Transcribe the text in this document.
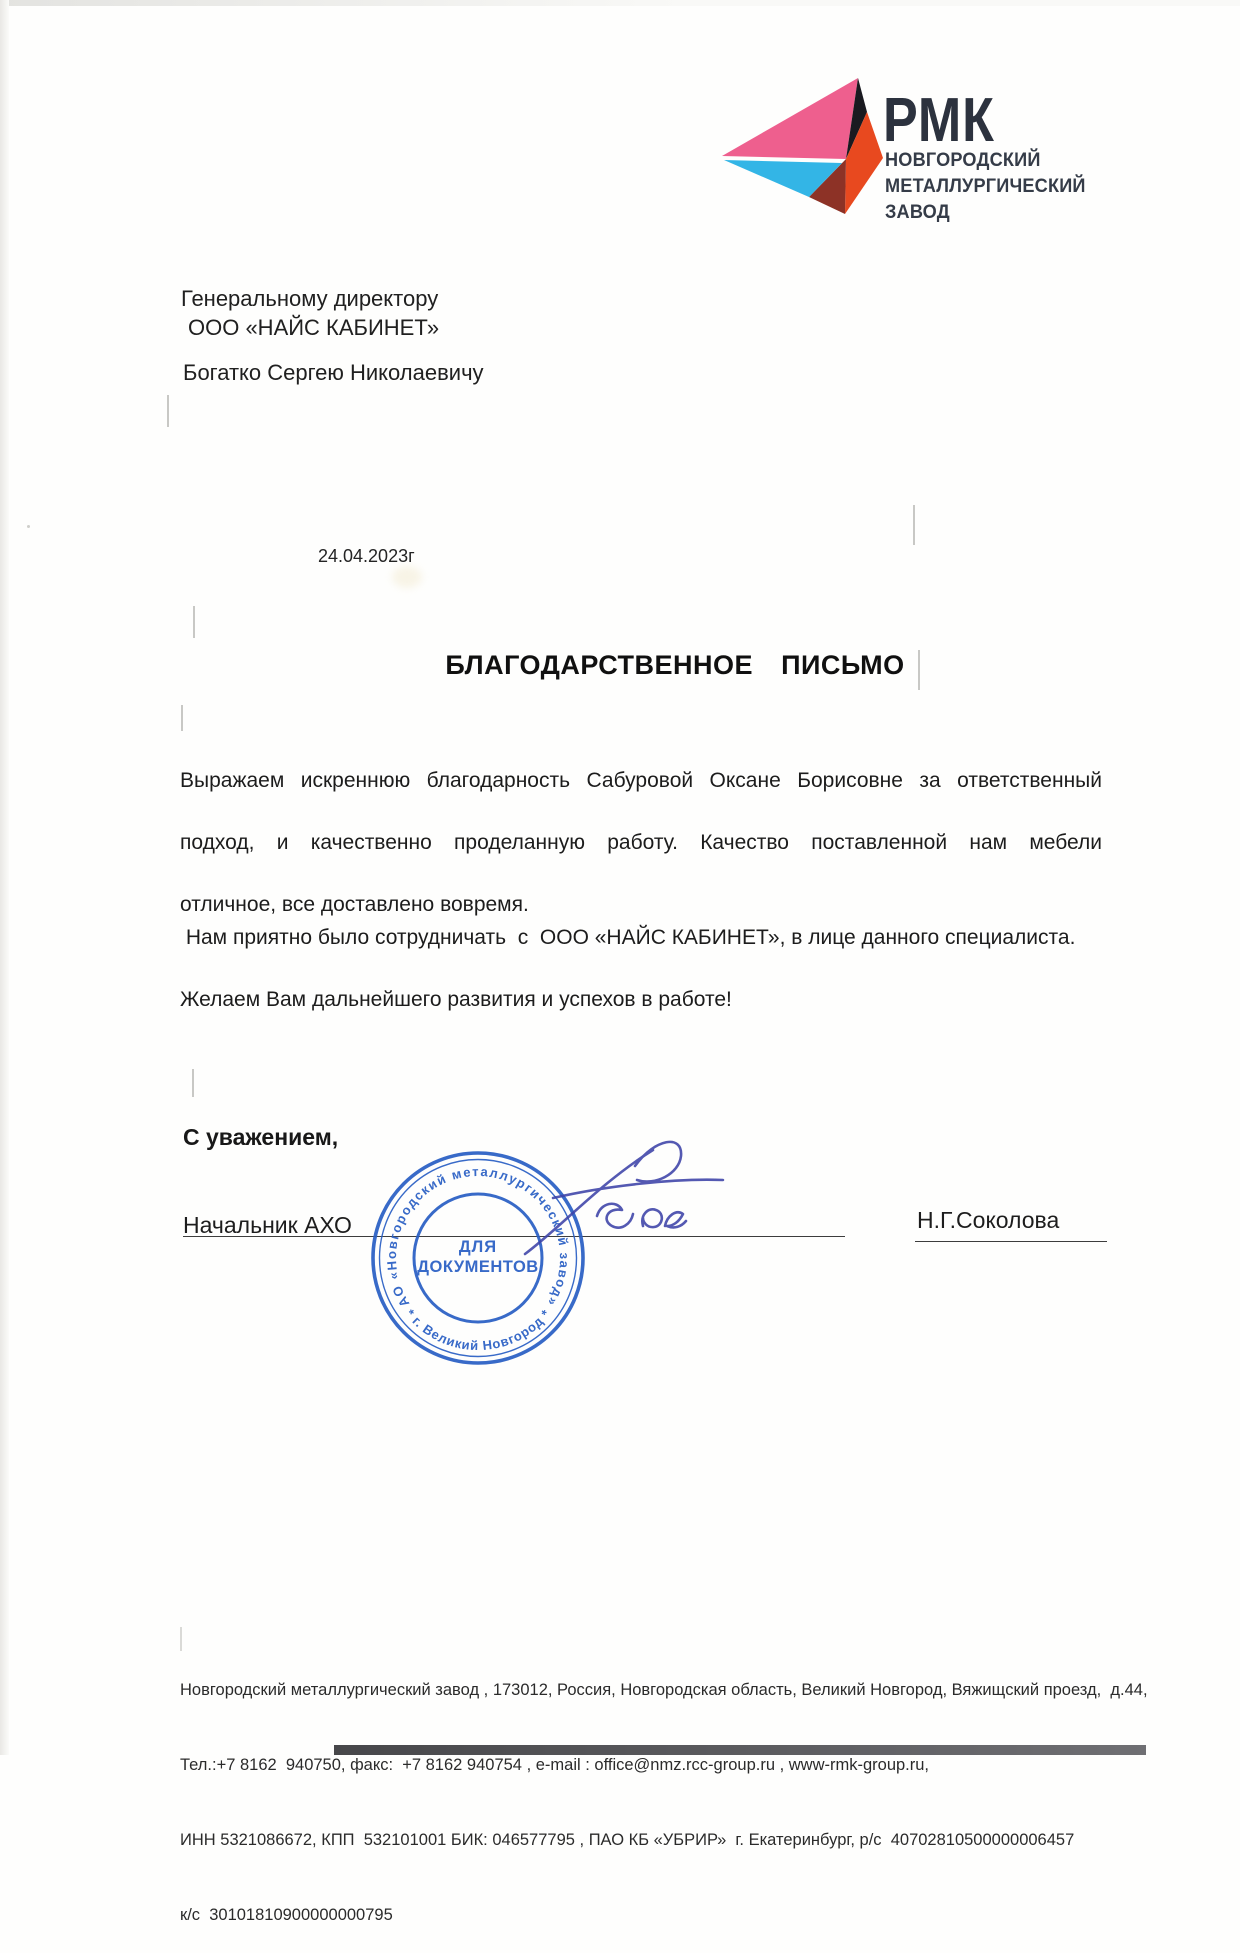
РМК
НОВГОРОДСКИЙ
МЕТАЛЛУРГИЧЕСКИЙ
ЗАВОД
Генеральному директору
ООО «НАЙС КАБИНЕТ»
Богатко Сергею Николаевичу
24.04.2023г
БЛАГОДАРСТВЕННОЕ  ПИСЬМО
Выражаем искреннюю благодарность Сабуровой Оксане Борисовне за ответственный
подход, и качественно проделанную работу. Качество поставленной нам мебели
отличное, все доставлено вовремя.
Нам приятно было сотрудничать  с  ООО «НАЙС КАБИНЕТ», в лице данного специалиста.
Желаем Вам дальнейшего развития и успехов в работе!
С уважением,
Начальник АХО	Н.Г.Соколова
АО «Новгородский металлургический завод»
* г. Великий Новгород *
ДЛЯ
ДОКУМЕНТОВ

Новгородский металлургический завод , 173012, Россия, Новгородская область, Великий Новгород, Вяжищский проезд,  д.44,

Тел.:+7 8162  940750, факс:  +7 8162 940754 , e-mail : office@nmz.rcc-group.ru , www-rmk-group.ru,

ИНН 5321086672, КПП  532101001 БИК: 046577795 , ПАО КБ «УБРИР»  г. Екатеринбург, р/с  40702810500000006457

к/с  30101810900000000795
